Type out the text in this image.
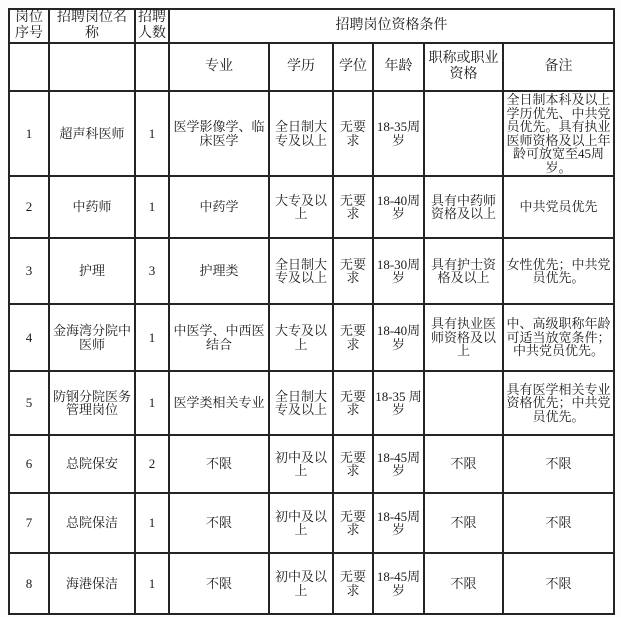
岗位序号	招聘岗位名称	招聘人数	招聘岗位资格条件					
			专业	学历	学位	年龄	职称或职业资格	备注
1	超声科医师	1	医学影像学、临床医学	全日制大专及以上	无要求	18-35周岁		全日制本科及以上学历优先、中共党员优先。具有执业医师资格及以上年龄可放宽至45周岁。
2	中药师	1	中药学	大专及以上	无要求	18-40周岁	具有中药师资格及以上	中共党员优先
3	护理	3	护理类	全日制大专及以上	无要求	18-30周岁	具有护士资格及以上	女性优先；中共党员优先。
4	金海湾分院中医师	1	中医学、中西医结合	大专及以上	无要求	18-40周岁	具有执业医师资格及以上	中、高级职称年龄可适当放宽条件；中共党员优先。
5	防钢分院医务管理岗位	1	医学类相关专业	全日制大专及以上	无要求	18-35 周岁		具有医学相关专业资格优先；中共党员优先。
6	总院保安	2	不限	初中及以上	无要求	18-45周岁	不限	不限
7	总院保洁	1	不限	初中及以上	无要求	18-45周岁	不限	不限
8	海港保洁	1	不限	初中及以上	无要求	18-45周岁	不限	不限
